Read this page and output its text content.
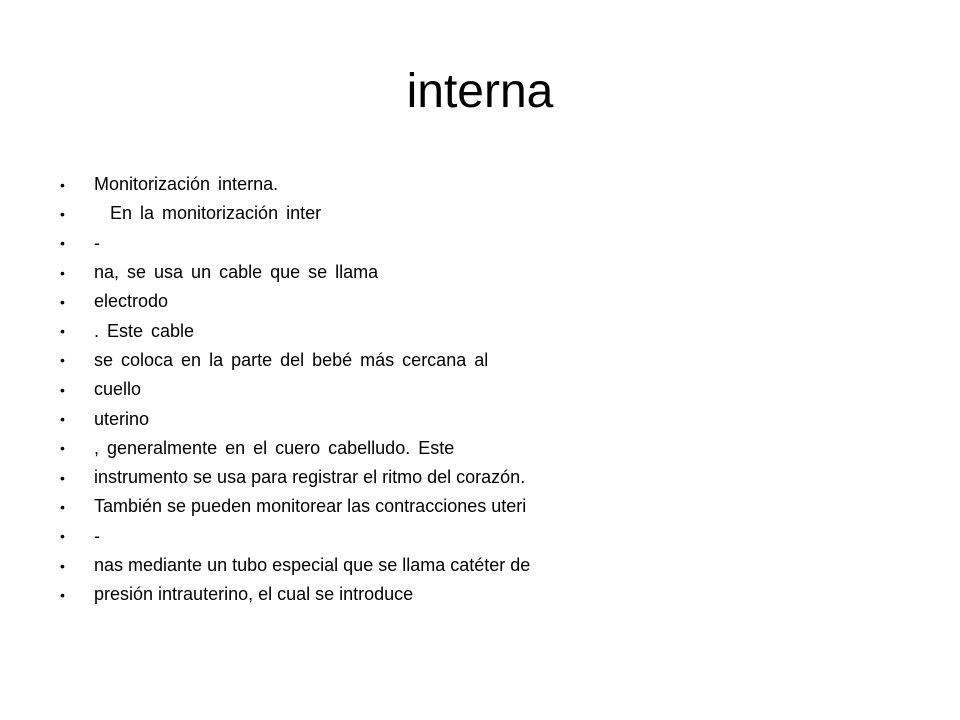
interna
•	Monitorización interna.
•	En la monitorización inter
•	-
•	na, se usa un cable que se llama
•	electrodo
•	. Este cable
•	se coloca en la parte del bebé más cercana al
•	cuello
•	uterino
•	, generalmente en el cuero cabelludo. Este
•	instrumento se usa para registrar el ritmo del corazón.
•	También se pueden monitorear las contracciones uteri
•	-
•	nas mediante un tubo especial que se llama catéter de
•	presión intrauterino, el cual se introduce
